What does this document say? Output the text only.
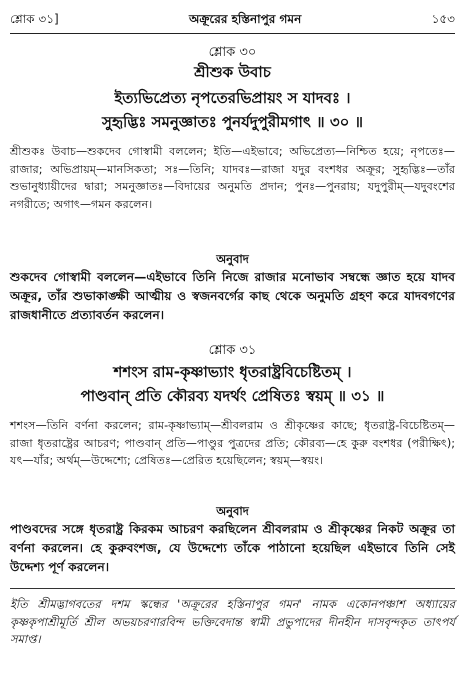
শ্লোক ৩১]	অক্রূরের হস্তিনাপুর গমন	১৫৩
শ্লোক ৩০
শ্রীশুক উবাচ
ইত্যভিপ্রেত্য নৃপতেরভিপ্রায়ং স যাদবঃ ।
সুহৃদ্ভিঃ সমনুজ্ঞাতঃ পুনর্যদুপুরীমগাৎ ॥ ৩০ ॥
শ্রীশুকঃ উবাচ—শুকদেব গোস্বামী বললেন; ইতি—এইভাবে; অভিপ্রেত্য—নিশ্চিত হয়ে; নৃপতেঃ—রাজার; অভিপ্রায়ম্—মানসিকতা; সঃ—তিনি; যাদবঃ—রাজা যদুর বংশধর অক্রূর; সুহৃদ্ভিঃ—তাঁর শুভানুধ্যায়ীদের দ্বারা; সমনুজ্ঞাতঃ—বিদায়ের অনুমতি প্রদান; পুনঃ—পুনরায়; যদুপুরীম্—যদুবংশের নগরীতে; অগাৎ—গমন করলেন।
অনুবাদ
শুকদেব গোস্বামী বললেন—এইভাবে তিনি নিজে রাজার মনোভাব সম্বন্ধে জ্ঞাত হয়ে যাদব অক্রূর, তাঁর শুভাকাঙ্ক্ষী আত্মীয় ও স্বজনবর্গের কাছ থেকে অনুমতি গ্রহণ করে যাদবগণের রাজধানীতে প্রত্যাবর্তন করলেন।
শ্লোক ৩১
শশংস রাম-কৃষ্ণাভ্যাং ধৃতরাষ্ট্রবিচেষ্টিতম্ ।
পাণ্ডবান্ প্রতি কৌরব্য যদর্থং প্রেষিতঃ স্বয়ম্ ॥ ৩১ ॥
শশংস—তিনি বর্ণনা করলেন; রাম-কৃষ্ণাভ্যাম্—শ্রীবলরাম ও শ্রীকৃষ্ণের কাছে; ধৃতরাষ্ট্র-বিচেষ্টিতম্—রাজা ধৃতরাষ্ট্রের আচরণ; পাণ্ডবান্ প্রতি—পাণ্ডুর পুত্রদের প্রতি; কৌরব্য—হে কুরু বংশধর (পরীক্ষিৎ); যৎ—যাঁর; অর্থম্—উদ্দেশ্যে; প্রেষিতঃ—প্রেরিত হয়েছিলেন; স্বয়ম্—স্বয়ং।
অনুবাদ
পাণ্ডবদের সঙ্গে ধৃতরাষ্ট্র কিরকম আচরণ করছিলেন শ্রীবলরাম ও শ্রীকৃষ্ণের নিকট অক্রূর তা বর্ণনা করলেন। হে কুরুবংশজ, যে উদ্দেশ্যে তাঁকে পাঠানো হয়েছিল এইভাবে তিনি সেই উদ্দেশ্য পূর্ণ করলেন।
ইতি শ্রীমদ্ভাগবতের দশম স্কন্ধের 'অক্রূরের হস্তিনাপুর গমন' নামক একোনপঞ্চাশ অধ্যায়ের কৃষ্ণকৃপাশ্রীমূর্তি শ্রীল অভয়চরণারবিন্দ ভক্তিবেদান্ত স্বামী প্রভুপাদের দীনহীন দাসবৃন্দকৃত তাৎপর্য সমাপ্ত।
